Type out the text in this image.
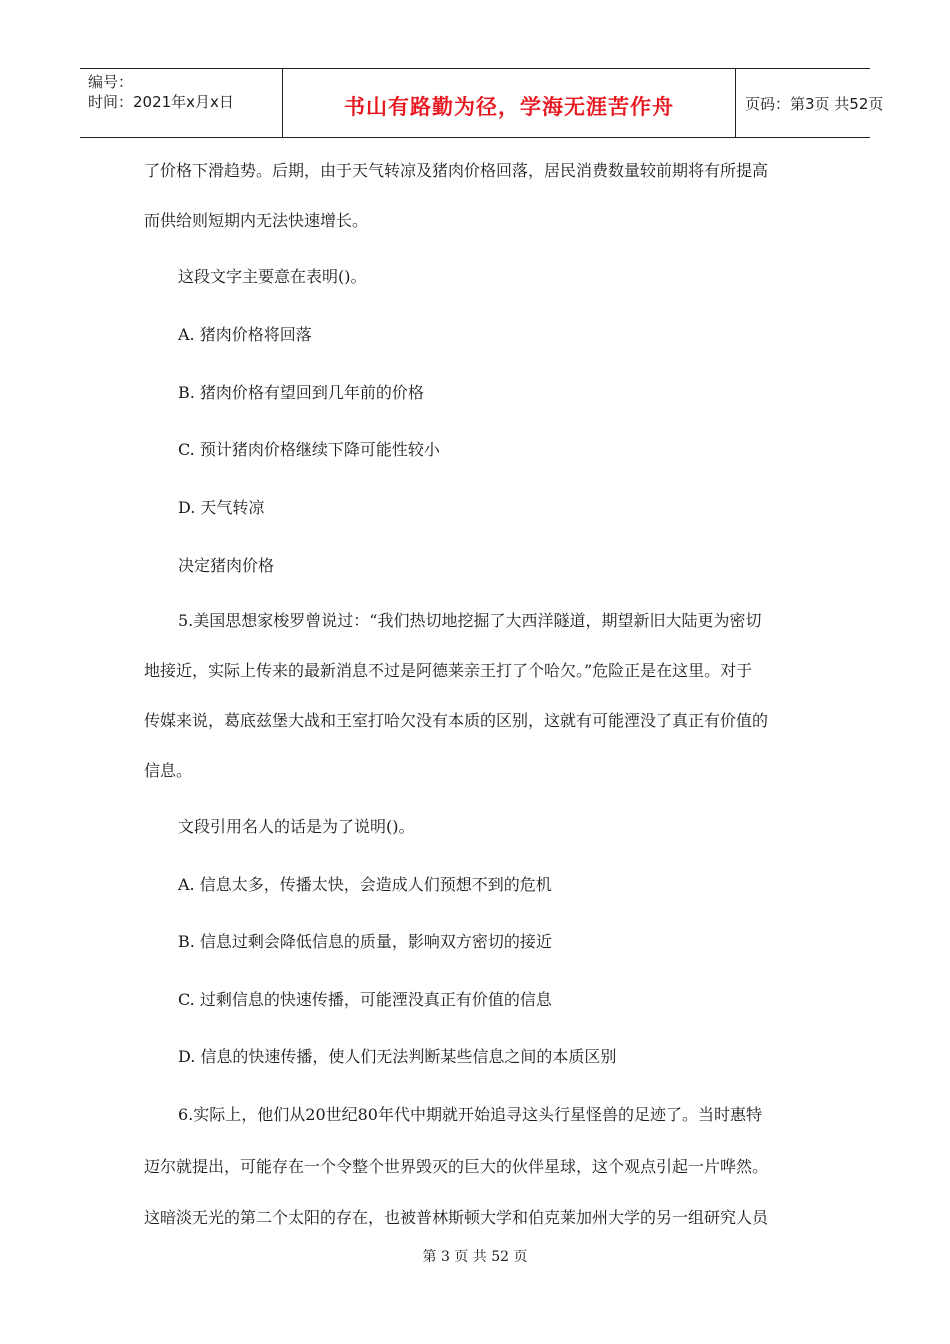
编号：
时间：2021年x月x日	书山有路勤为径，学海无涯苦作舟	页码：第3页 共52页
了价格下滑趋势。后期，由于天气转凉及猪肉价格回落，居民消费数量较前期将有所提高
而供给则短期内无法快速增长。
这段文字主要意在表明()。
A. 猪肉价格将回落
B. 猪肉价格有望回到几年前的价格
C. 预计猪肉价格继续下降可能性较小
D. 天气转凉
决定猪肉价格
5.美国思想家梭罗曾说过：“我们热切地挖掘了大西洋隧道，期望新旧大陆更为密切
地接近，实际上传来的最新消息不过是阿德莱亲王打了个哈欠。”危险正是在这里。对于
传媒来说，葛底兹堡大战和王室打哈欠没有本质的区别，这就有可能湮没了真正有价值的
信息。
文段引用名人的话是为了说明()。
A. 信息太多，传播太快，会造成人们预想不到的危机
B. 信息过剩会降低信息的质量，影响双方密切的接近
C. 过剩信息的快速传播，可能湮没真正有价值的信息
D. 信息的快速传播，使人们无法判断某些信息之间的本质区别
6.实际上，他们从20世纪80年代中期就开始追寻这头行星怪兽的足迹了。当时惠特
迈尔就提出，可能存在一个令整个世界毁灭的巨大的伙伴星球，这个观点引起一片哗然。
这暗淡无光的第二个太阳的存在，也被普林斯顿大学和伯克莱加州大学的另一组研究人员
第 3 页 共 52 页
